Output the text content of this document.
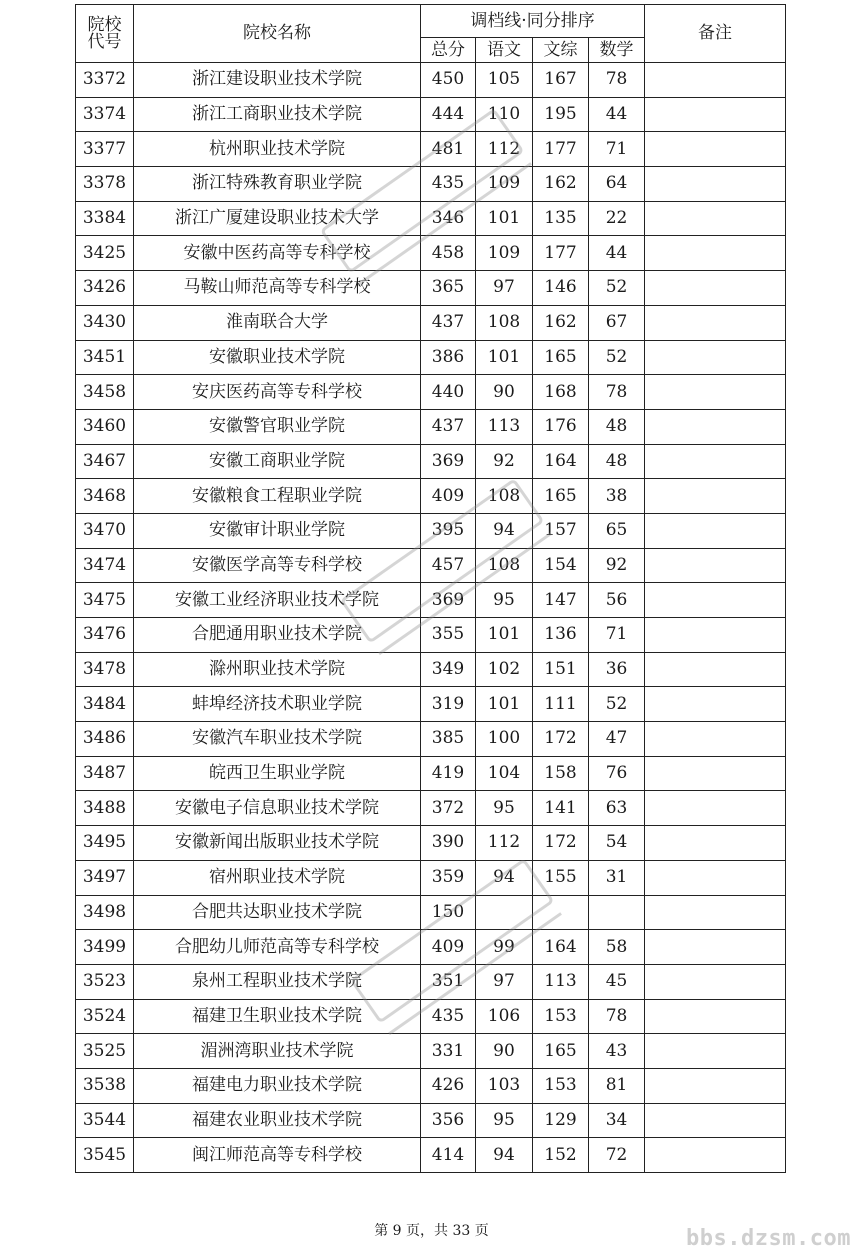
院校
代号	院校名称	调档线·同分排序				备注
		总分	语文	文综	数学	
3372	浙江建设职业技术学院	450	105	167	78	
3374	浙江工商职业技术学院	444	110	195	44	
3377	杭州职业技术学院	481	112	177	71	
3378	浙江特殊教育职业学院	435	109	162	64	
3384	浙江广厦建设职业技术大学	346	101	135	22	
3425	安徽中医药高等专科学校	458	109	177	44	
3426	马鞍山师范高等专科学校	365	97	146	52	
3430	淮南联合大学	437	108	162	67	
3451	安徽职业技术学院	386	101	165	52	
3458	安庆医药高等专科学校	440	90	168	78	
3460	安徽警官职业学院	437	113	176	48	
3467	安徽工商职业学院	369	92	164	48	
3468	安徽粮食工程职业学院	409	108	165	38	
3470	安徽审计职业学院	395	94	157	65	
3474	安徽医学高等专科学校	457	108	154	92	
3475	安徽工业经济职业技术学院	369	95	147	56	
3476	合肥通用职业技术学院	355	101	136	71	
3478	滁州职业技术学院	349	102	151	36	
3484	蚌埠经济技术职业学院	319	101	111	52	
3486	安徽汽车职业技术学院	385	100	172	47	
3487	皖西卫生职业学院	419	104	158	76	
3488	安徽电子信息职业技术学院	372	95	141	63	
3495	安徽新闻出版职业技术学院	390	112	172	54	
3497	宿州职业技术学院	359	94	155	31	
3498	合肥共达职业技术学院	150				
3499	合肥幼儿师范高等专科学校	409	99	164	58	
3523	泉州工程职业技术学院	351	97	113	45	
3524	福建卫生职业技术学院	435	106	153	78	
3525	湄洲湾职业技术学院	331	90	165	43	
3538	福建电力职业技术学院	426	103	153	81	
3544	福建农业职业技术学院	356	95	129	34	
3545	闽江师范高等专科学校	414	94	152	72	
第 9 页，共 33 页	bbs.dzsm.com
